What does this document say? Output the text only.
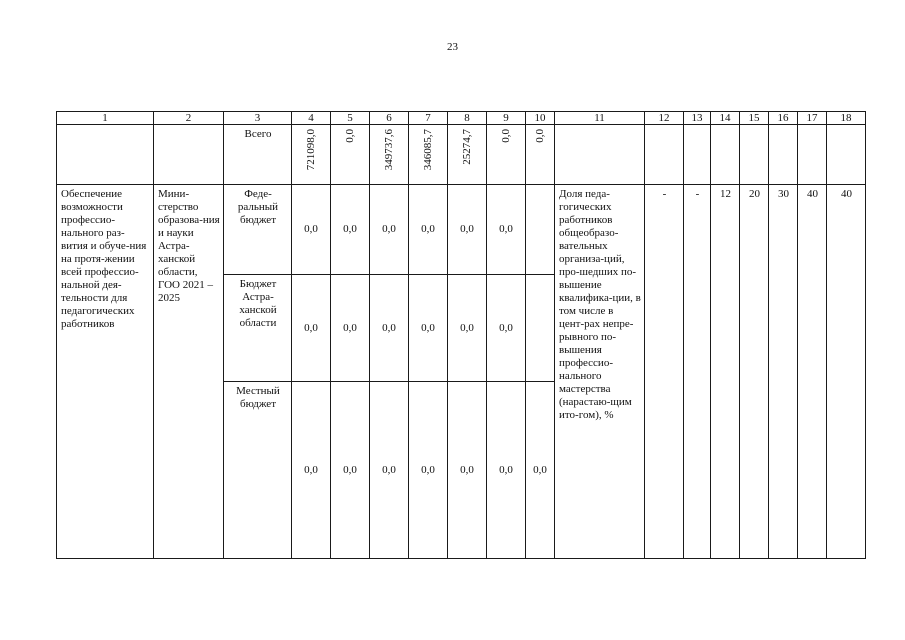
23
1	2	3	4	5	6	7	8	9	10	11	12	13	14	15	16	17	18

		Всего	721098,0	0,0	349737,6	346085,7	25274,7	0,0	0,0								

Обеспечение возможности профессио-нального раз-вития и обуче-ния на протя-жении всей профессио-нальной дея-тельности для педагогических работников	Мини-стерство образова-ния и науки Астра-ханской области, ГОО 2021 – 2025	Феде-ральный бюджет	0,0	0,0	0,0	0,0	0,0	0,0		Доля педа-гогических работников общеобразо-вательных организа-ций, про-шедших по-вышение квалифика-ции, в том числе в цент-рах непре-рывного по-вышения профессио-нального мастерства (нарастаю-щим ито-гом), %	-	-	12	20	30	40	40

		Бюджет Астра-ханской области	0,0	0,0	0,0	0,0	0,0	0,0									

		Местный бюджет	0,0	0,0	0,0	0,0	0,0	0,0	0,0								
